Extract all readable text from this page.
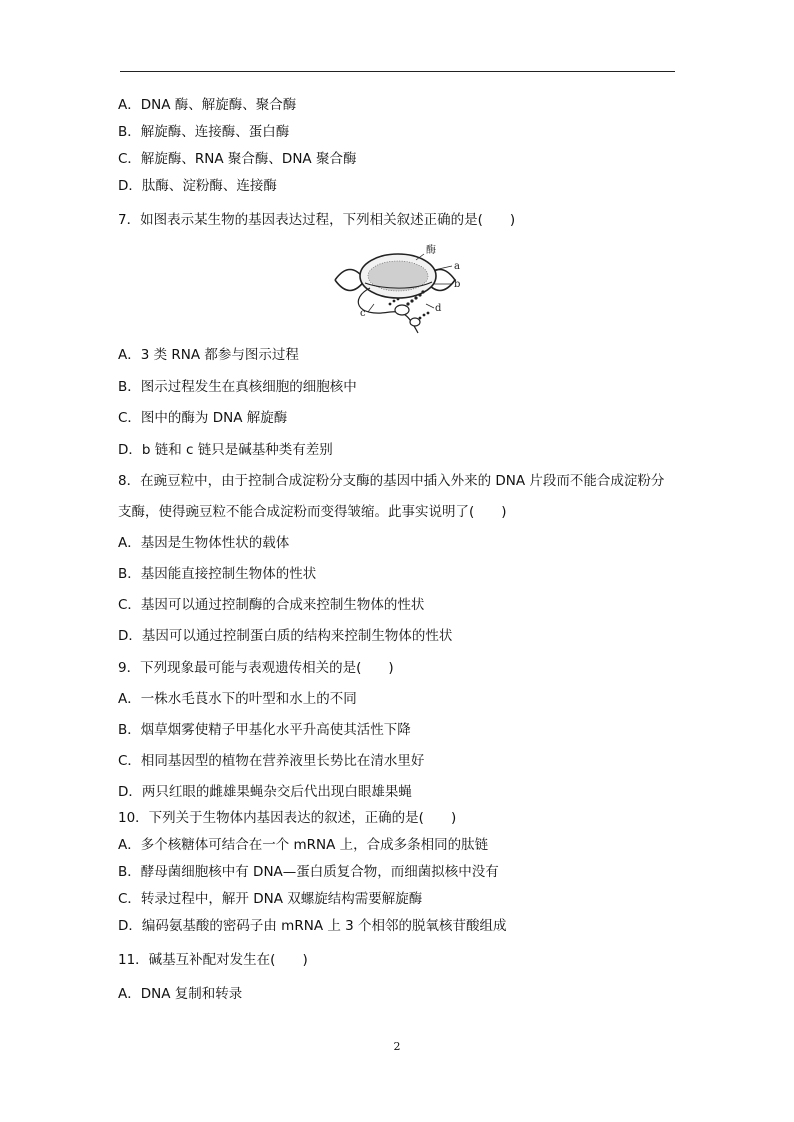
A．DNA 酶、解旋酶、聚合酶
B．解旋酶、连接酶、蛋白酶
C．解旋酶、RNA 聚合酶、DNA 聚合酶
D．肽酶、淀粉酶、连接酶
7．如图表示某生物的基因表达过程，下列相关叙述正确的是(　　)
酶
a
b
c	d
A．3 类 RNA 都参与图示过程
B．图示过程发生在真核细胞的细胞核中
C．图中的酶为 DNA 解旋酶
D．b 链和 c 链只是碱基种类有差别
8．在豌豆粒中，由于控制合成淀粉分支酶的基因中插入外来的 DNA 片段而不能合成淀粉分
支酶，使得豌豆粒不能合成淀粉而变得皱缩。此事实说明了(　　)
A．基因是生物体性状的载体
B．基因能直接控制生物体的性状
C．基因可以通过控制酶的合成来控制生物体的性状
D．基因可以通过控制蛋白质的结构来控制生物体的性状
9．下列现象最可能与表观遗传相关的是(　　)
A．一株水毛茛水下的叶型和水上的不同
B．烟草烟雾使精子甲基化水平升高使其活性下降
C．相同基因型的植物在营养液里长势比在清水里好
D．两只红眼的雌雄果蝇杂交后代出现白眼雄果蝇
10．下列关于生物体内基因表达的叙述，正确的是(　　)
A．多个核糖体可结合在一个 mRNA 上，合成多条相同的肽链
B．酵母菌细胞核中有 DNA—蛋白质复合物，而细菌拟核中没有
C．转录过程中，解开 DNA 双螺旋结构需要解旋酶
D．编码氨基酸的密码子由 mRNA 上 3 个相邻的脱氧核苷酸组成
11．碱基互补配对发生在(　　)
A．DNA 复制和转录
2
